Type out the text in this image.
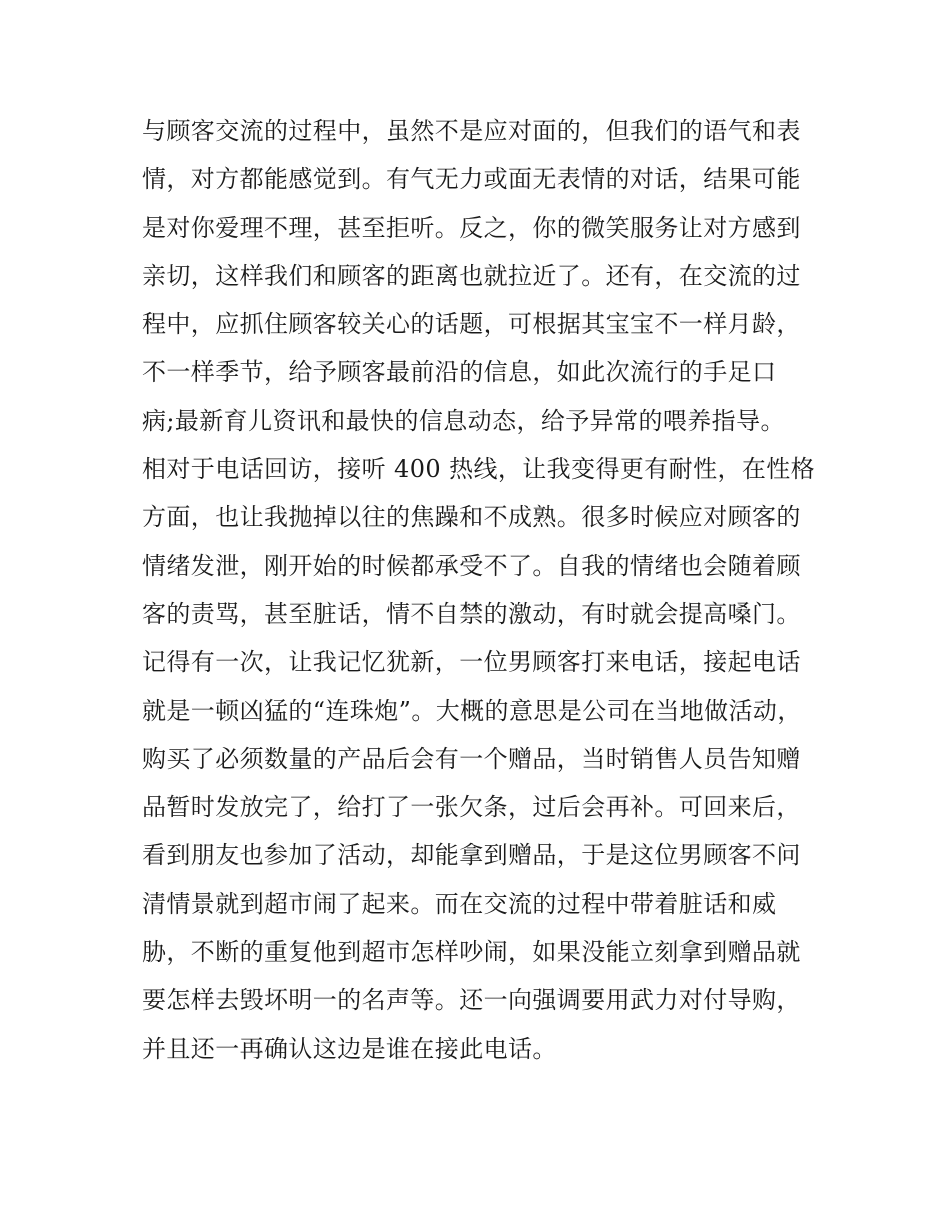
与顾客交流的过程中，虽然不是应对面的，但我们的语气和表
情，对方都能感觉到。有气无力或面无表情的对话，结果可能
是对你爱理不理，甚至拒听。反之，你的微笑服务让对方感到
亲切，这样我们和顾客的距离也就拉近了。还有，在交流的过
程中，应抓住顾客较关心的话题，可根据其宝宝不一样月龄，
不一样季节，给予顾客最前沿的信息，如此次流行的手足口
病;最新育儿资讯和最快的信息动态，给予异常的喂养指导。
相对于电话回访，接听 400 热线，让我变得更有耐性，在性格
方面，也让我抛掉以往的焦躁和不成熟。很多时候应对顾客的
情绪发泄，刚开始的时候都承受不了。自我的情绪也会随着顾
客的责骂，甚至脏话，情不自禁的激动，有时就会提高嗓门。
记得有一次，让我记忆犹新，一位男顾客打来电话，接起电话
就是一顿凶猛的“连珠炮”。大概的意思是公司在当地做活动，
购买了必须数量的产品后会有一个赠品，当时销售人员告知赠
品暂时发放完了，给打了一张欠条，过后会再补。可回来后，
看到朋友也参加了活动，却能拿到赠品，于是这位男顾客不问
清情景就到超市闹了起来。而在交流的过程中带着脏话和威
胁，不断的重复他到超市怎样吵闹，如果没能立刻拿到赠品就
要怎样去毁坏明一的名声等。还一向强调要用武力对付导购，
并且还一再确认这边是谁在接此电话。
